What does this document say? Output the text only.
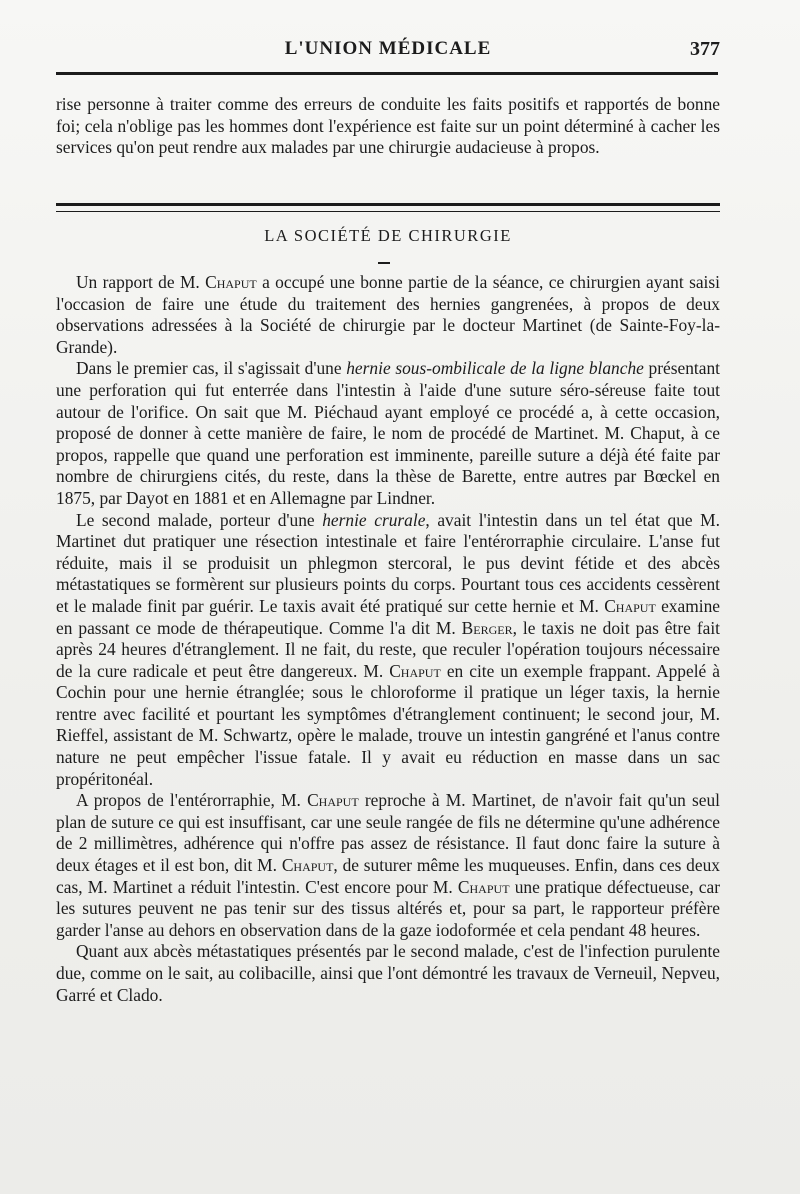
L'UNION MÉDICALE	377

rise personne à traiter comme des erreurs de conduite les faits positifs et rapportés de bonne foi; cela n'oblige pas les hommes dont l'expérience est faite sur un point déterminé à cacher les services qu'on peut rendre aux malades par une chirurgie audacieuse à propos.

LA SOCIÉTÉ DE CHIRURGIE

Un rapport de M. Chaput a occupé une bonne partie de la séance, ce chirurgien ayant saisi l'occasion de faire une étude du traitement des hernies gangrenées, à propos de deux observations adressées à la Société de chirurgie par le docteur Martinet (de Sainte-Foy-la-Grande).

Dans le premier cas, il s'agissait d'une hernie sous-ombilicale de la ligne blanche présentant une perforation qui fut enterrée dans l'intestin à l'aide d'une suture séro-séreuse faite tout autour de l'orifice. On sait que M. Piéchaud ayant employé ce procédé a, à cette occasion, proposé de donner à cette manière de faire, le nom de procédé de Martinet. M. Chaput, à ce propos, rappelle que quand une perforation est imminente, pareille suture a déjà été faite par nombre de chirurgiens cités, du reste, dans la thèse de Barette, entre autres par Bœckel en 1875, par Dayot en 1881 et en Allemagne par Lindner.

Le second malade, porteur d'une hernie crurale, avait l'intestin dans un tel état que M. Martinet dut pratiquer une résection intestinale et faire l'entérorraphie circulaire. L'anse fut réduite, mais il se produisit un phlegmon stercoral, le pus devint fétide et des abcès métastatiques se formèrent sur plusieurs points du corps. Pourtant tous ces accidents cessèrent et le malade finit par guérir. Le taxis avait été pratiqué sur cette hernie et M. Chaput examine en passant ce mode de thérapeutique. Comme l'a dit M. Berger, le taxis ne doit pas être fait après 24 heures d'étranglement. Il ne fait, du reste, que reculer l'opération toujours nécessaire de la cure radicale et peut être dangereux. M. Chaput en cite un exemple frappant. Appelé à Cochin pour une hernie étranglée; sous le chloroforme il pratique un léger taxis, la hernie rentre avec facilité et pourtant les symptômes d'étranglement continuent; le second jour, M. Rieffel, assistant de M. Schwartz, opère le malade, trouve un intestin gangréné et l'anus contre nature ne peut empêcher l'issue fatale. Il y avait eu réduction en masse dans un sac propéritonéal.

A propos de l'entérorraphie, M. Chaput reproche à M. Martinet, de n'avoir fait qu'un seul plan de suture ce qui est insuffisant, car une seule rangée de fils ne détermine qu'une adhérence de 2 millimètres, adhérence qui n'offre pas assez de résistance. Il faut donc faire la suture à deux étages et il est bon, dit M. Chaput, de suturer même les muqueuses. Enfin, dans ces deux cas, M. Martinet a réduit l'intestin. C'est encore pour M. Chaput une pratique défectueuse, car les sutures peuvent ne pas tenir sur des tissus altérés et, pour sa part, le rapporteur préfère garder l'anse au dehors en observation dans de la gaze iodoformée et cela pendant 48 heures.

Quant aux abcès métastatiques présentés par le second malade, c'est de l'infection purulente due, comme on le sait, au colibacille, ainsi que l'ont démontré les travaux de Verneuil, Nepveu, Garré et Clado.
